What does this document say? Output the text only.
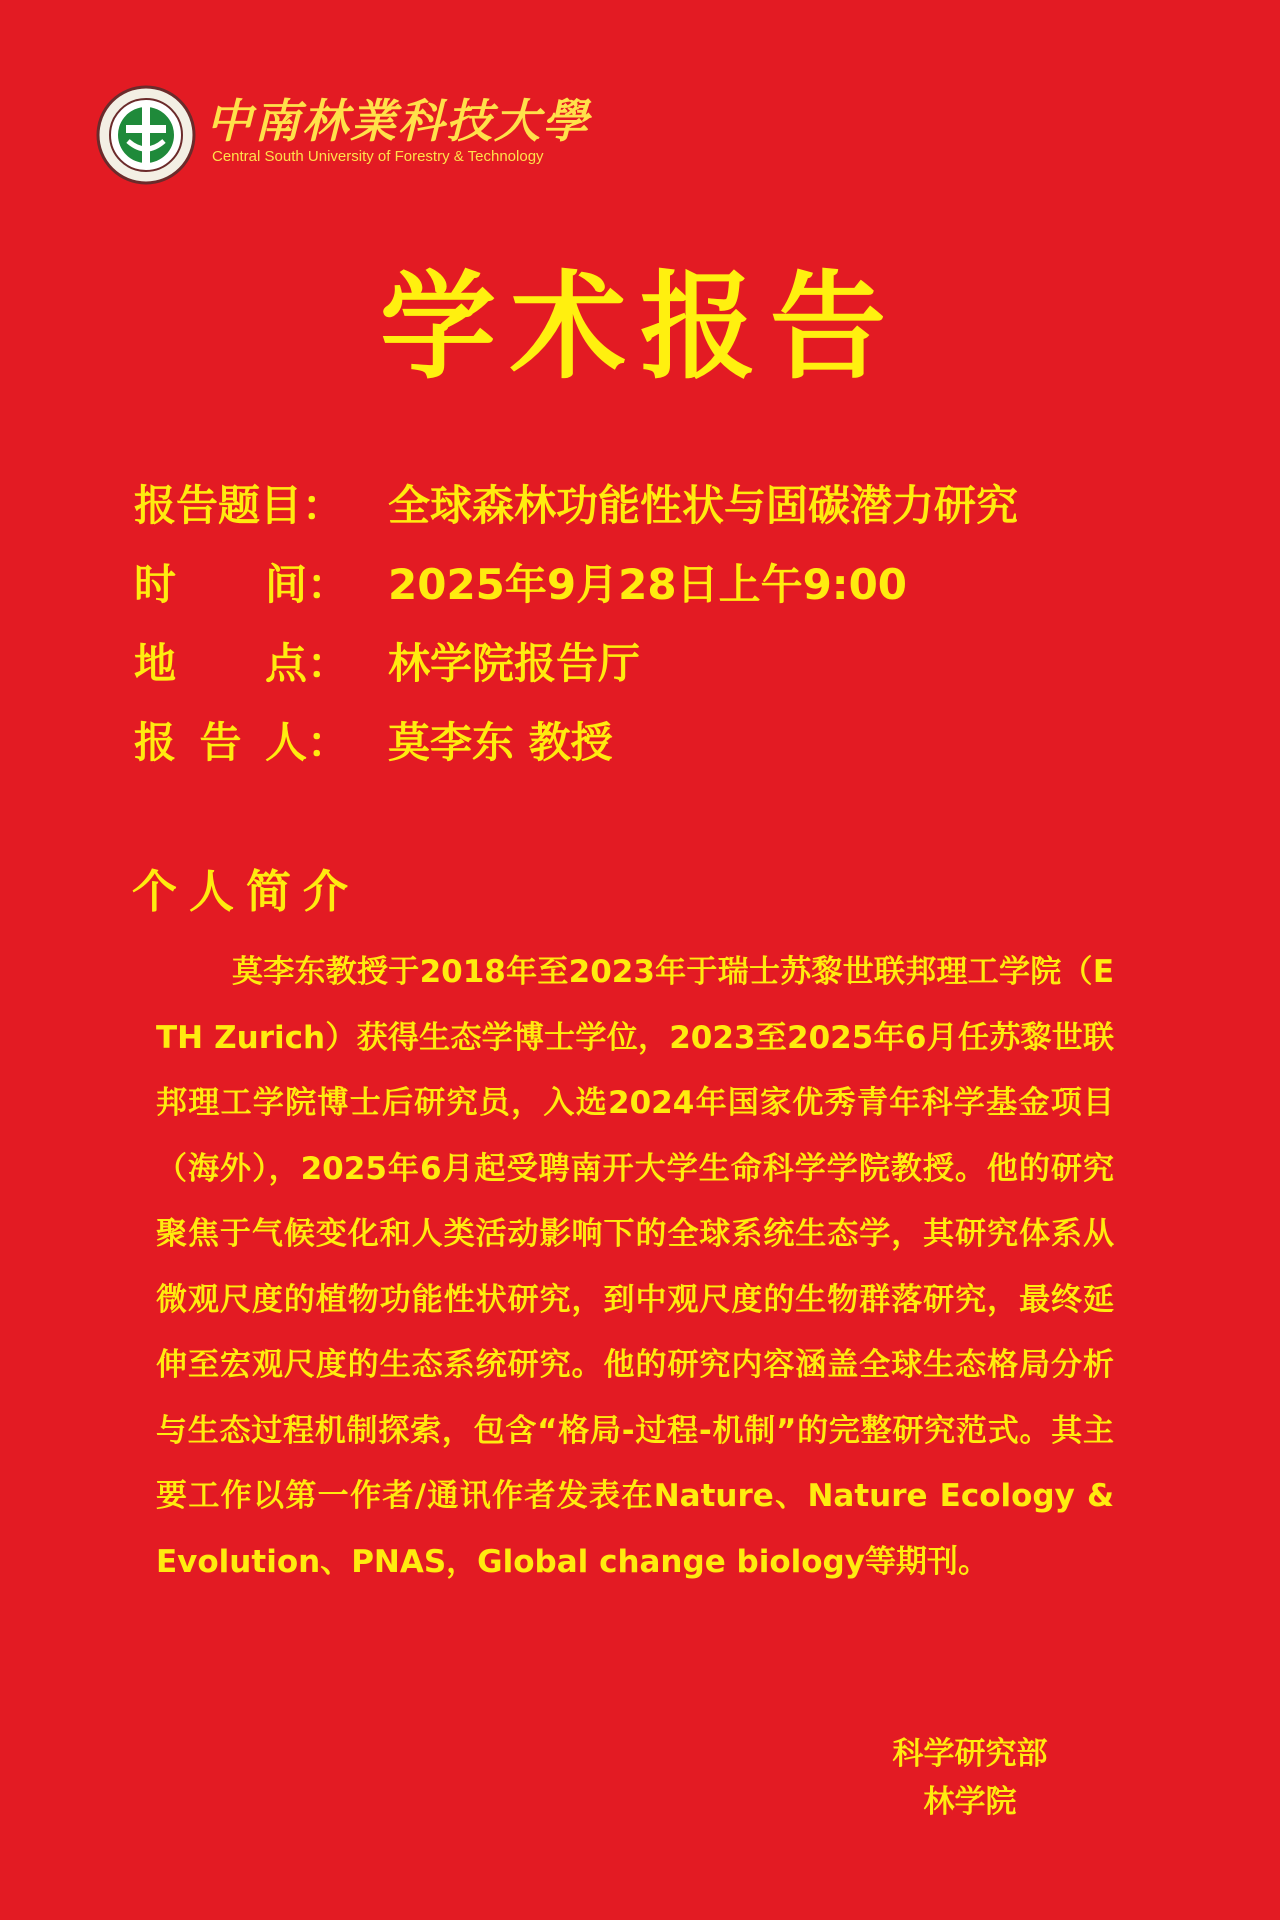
中南林業科技大學
Central South University of Forestry & Technology
学术报告
报告题目： 全球森林功能性状与固碳潜力研究
时 间： 2025年9月28日上午9:00
地 点： 林学院报告厅
报 告 人： 莫李东 教授
个人简介
莫李东教授于2018年至2023年于瑞士苏黎世联邦理工学院（ETH Zurich）获得生态学博士学位，2023至2025年6月任苏黎世联邦理工学院博士后研究员，入选2024年国家优秀青年科学基金项目（海外），2025年6月起受聘南开大学生命科学学院教授。他的研究聚焦于气候变化和人类活动影响下的全球系统生态学，其研究体系从微观尺度的植物功能性状研究，到中观尺度的生物群落研究，最终延伸至宏观尺度的生态系统研究。他的研究内容涵盖全球生态格局分析与生态过程机制探索，包含“格局-过程-机制”的完整研究范式。其主要工作以第一作者/通讯作者发表在Nature、Nature Ecology & Evolution、PNAS，Global change biology等期刊。
科学研究部
林学院
